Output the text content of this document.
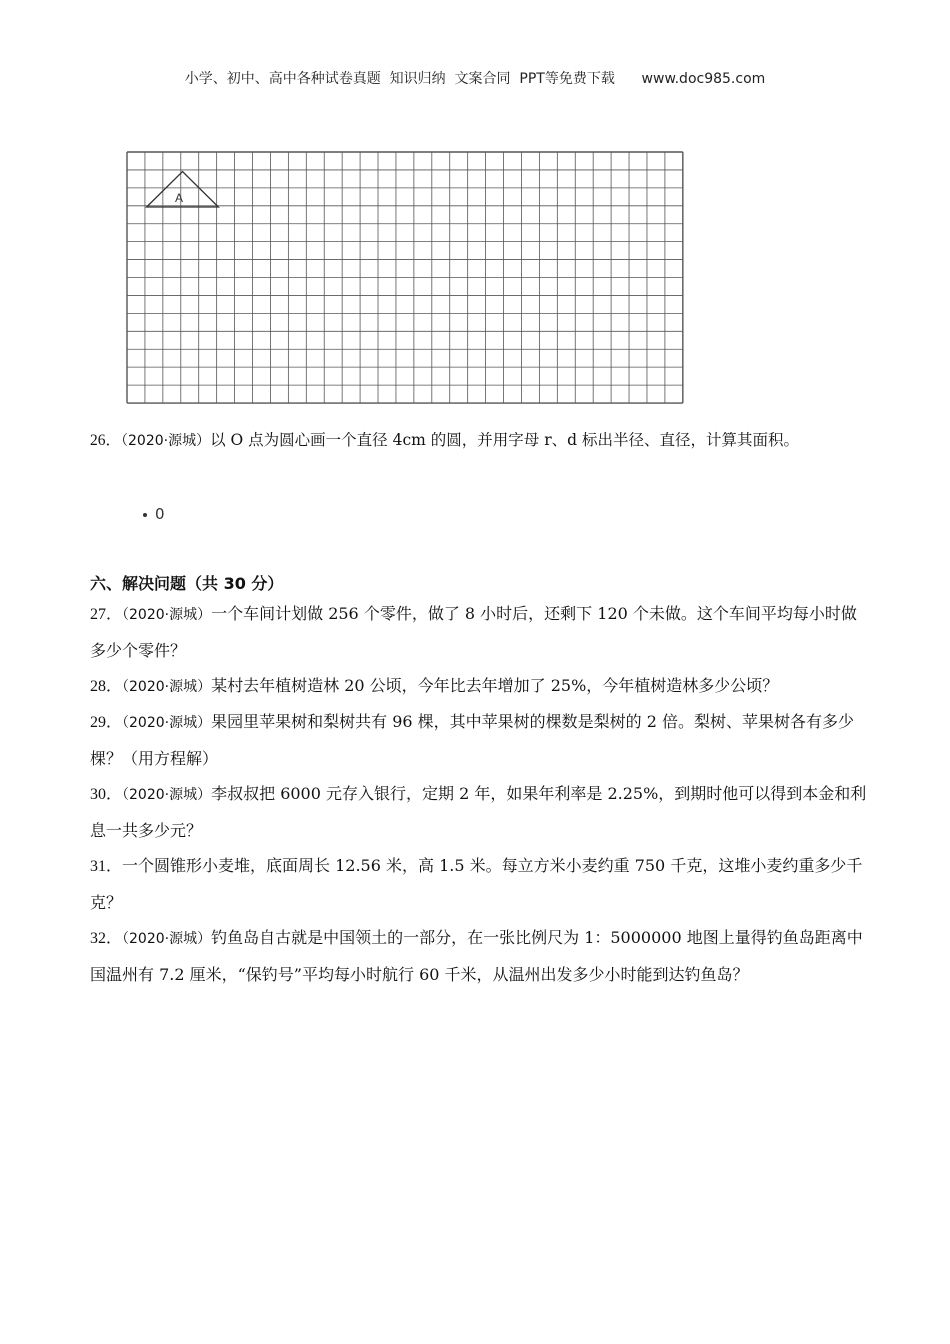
小学、初中、高中各种试卷真题  知识归纳  文案合同  PPT等免费下载      www.doc985.com
A
26．（2020·源城）以 O 点为圆心画一个直径 4cm 的圆，并用字母 r、d 标出半径、直径，计算其面积。
0
六、解决问题（共 30 分）
27．（2020·源城）一个车间计划做 256 个零件，做了 8 小时后，还剩下 120 个未做。这个车间平均每小时做多少个零件？
28．（2020·源城）某村去年植树造林 20 公顷，今年比去年增加了 25%，今年植树造林多少公顷？
29．（2020·源城）果园里苹果树和梨树共有 96 棵，其中苹果树的棵数是梨树的 2 倍。梨树、苹果树各有多少棵？（用方程解）
30．（2020·源城）李叔叔把 6000 元存入银行，定期 2 年，如果年利率是 2.25%，到期时他可以得到本金和利息一共多少元？
31．一个圆锥形小麦堆，底面周长 12.56 米，高 1.5 米。每立方米小麦约重 750 千克，这堆小麦约重多少千克？
32．（2020·源城）钓鱼岛自古就是中国领土的一部分，在一张比例尺为 1：5000000 地图上量得钓鱼岛距离中国温州有 7.2 厘米，“保钓号”平均每小时航行 60 千米，从温州出发多少小时能到达钓鱼岛？
